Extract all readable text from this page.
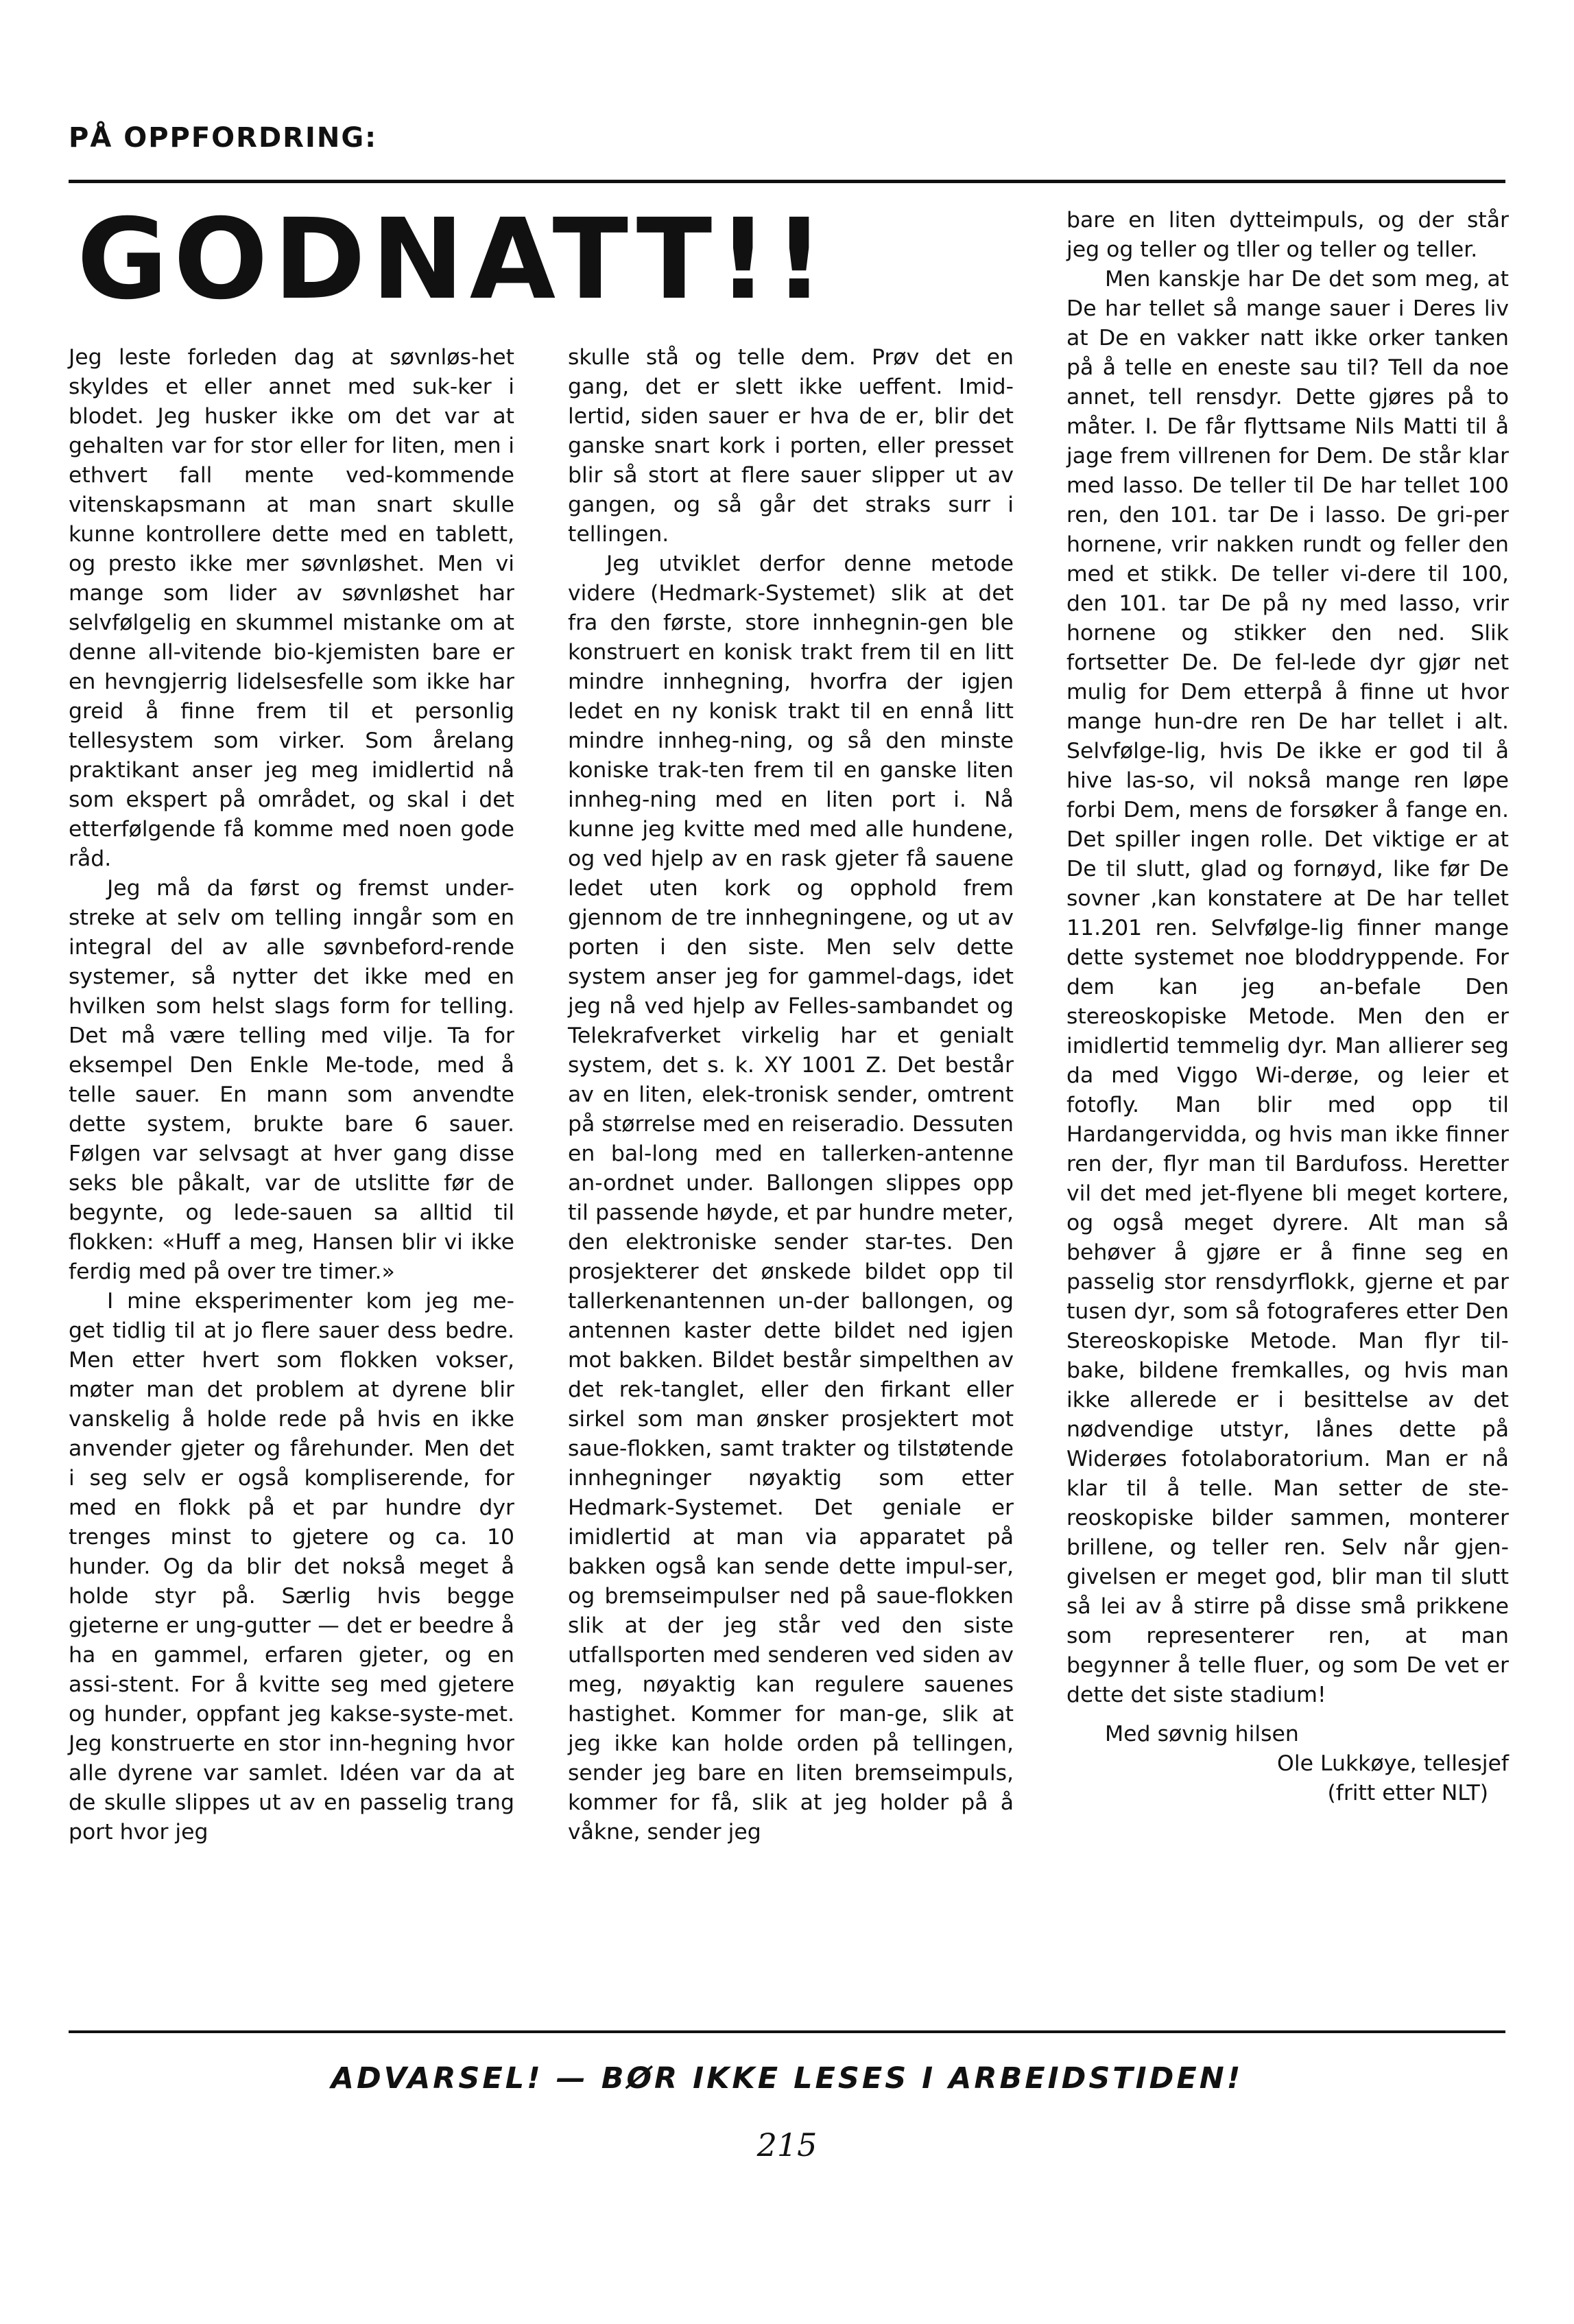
PÅ OPPFORDRING:
GODNATT!!

Jeg leste forleden dag at søvnløs-het skyldes et eller annet med suk-ker i blodet. Jeg husker ikke om det var at gehalten var for stor eller for liten, men i ethvert fall mente ved-kommende vitenskapsmann at man snart skulle kunne kontrollere dette med en tablett, og presto ikke mer søvnløshet. Men vi mange som lider av søvnløshet har selvfølgelig en skummel mistanke om at denne all-vitende bio-kjemisten bare er en hevngjerrig lidelsesfelle som ikke har greid å finne frem til et personlig tellesystem som virker. Som årelang praktikant anser jeg meg imidlertid nå som ekspert på området, og skal i det etterfølgende få komme med noen gode råd.

Jeg må da først og fremst under-streke at selv om telling inngår som en integral del av alle søvnbeford-rende systemer, så nytter det ikke med en hvilken som helst slags form for telling. Det må være telling med vilje. Ta for eksempel Den Enkle Me-tode, med å telle sauer. En mann som anvendte dette system, brukte bare 6 sauer. Følgen var selvsagt at hver gang disse seks ble påkalt, var de utslitte før de begynte, og lede-sauen sa alltid til flokken: «Huff a meg, Hansen blir vi ikke ferdig med på over tre timer.»

I mine eksperimenter kom jeg me-get tidlig til at jo flere sauer dess bedre. Men etter hvert som flokken vokser, møter man det problem at dyrene blir vanskelig å holde rede på hvis en ikke anvender gjeter og fårehunder. Men det i seg selv er også kompliserende, for med en flokk på et par hundre dyr trenges minst to gjetere og ca. 10 hunder. Og da blir det nokså meget å holde styr på. Særlig hvis begge gjeterne er ung-gutter — det er beedre å ha en gammel, erfaren gjeter, og en assi-stent. For å kvitte seg med gjetere og hunder, oppfant jeg kakse-syste-met. Jeg konstruerte en stor inn-hegning hvor alle dyrene var samlet. Idéen var da at de skulle slippes ut av en passelig trang port hvor jeg

skulle stå og telle dem. Prøv det en gang, det er slett ikke ueffent. Imid-lertid, siden sauer er hva de er, blir det ganske snart kork i porten, eller presset blir så stort at flere sauer slipper ut av gangen, og så går det straks surr i tellingen.

Jeg utviklet derfor denne metode videre (Hedmark-Systemet) slik at det fra den første, store innhegnin-gen ble konstruert en konisk trakt frem til en litt mindre innhegning, hvorfra der igjen ledet en ny konisk trakt til en ennå litt mindre innheg-ning, og så den minste koniske trak-ten frem til en ganske liten innheg-ning med en liten port i. Nå kunne jeg kvitte med med alle hundene, og ved hjelp av en rask gjeter få sauene ledet uten kork og opphold frem gjennom de tre innhegningene, og ut av porten i den siste. Men selv dette system anser jeg for gammel-dags, idet jeg nå ved hjelp av Felles-sambandet og Telekrafverket virkelig har et genialt system, det s. k. XY 1001 Z. Det består av en liten, elek-tronisk sender, omtrent på størrelse med en reiseradio. Dessuten en bal-long med en tallerken-antenne an-ordnet under. Ballongen slippes opp til passende høyde, et par hundre meter, den elektroniske sender star-tes. Den prosjekterer det ønskede bildet opp til tallerkenantennen un-der ballongen, og antennen kaster dette bildet ned igjen mot bakken. Bildet består simpelthen av det rek-tanglet, eller den firkant eller sirkel som man ønsker prosjektert mot saue-flokken, samt trakter og tilstøtende innhegninger nøyaktig som etter Hedmark-Systemet. Det geniale er imidlertid at man via apparatet på bakken også kan sende dette impul-ser, og bremseimpulser ned på saue-flokken slik at der jeg står ved den siste utfallsporten med senderen ved siden av meg, nøyaktig kan regulere sauenes hastighet. Kommer for man-ge, slik at jeg ikke kan holde orden på tellingen, sender jeg bare en liten bremseimpuls, kommer for få, slik at jeg holder på å våkne, sender jeg

bare en liten dytteimpuls, og der står jeg og teller og tller og teller og teller.

Men kanskje har De det som meg, at De har tellet så mange sauer i Deres liv at De en vakker natt ikke orker tanken på å telle en eneste sau til? Tell da noe annet, tell rensdyr. Dette gjøres på to måter. I. De får flyttsame Nils Matti til å jage frem villrenen for Dem. De står klar med lasso. De teller til De har tellet 100 ren, den 101. tar De i lasso. De gri-per hornene, vrir nakken rundt og feller den med et stikk. De teller vi-dere til 100, den 101. tar De på ny med lasso, vrir hornene og stikker den ned. Slik fortsetter De. De fel-lede dyr gjør net mulig for Dem etterpå å finne ut hvor mange hun-dre ren De har tellet i alt. Selvfølge-lig, hvis De ikke er god til å hive las-so, vil nokså mange ren løpe forbi Dem, mens de forsøker å fange en. Det spiller ingen rolle. Det viktige er at De til slutt, glad og fornøyd, like før De sovner ,kan konstatere at De har tellet 11.201 ren. Selvfølge-lig finner mange dette systemet noe bloddryppende. For dem kan jeg an-befale Den stereoskopiske Metode. Men den er imidlertid temmelig dyr. Man allierer seg da med Viggo Wi-derøe, og leier et fotofly. Man blir med opp til Hardangervidda, og hvis man ikke finner ren der, flyr man til Bardufoss. Heretter vil det med jet-flyene bli meget kortere, og også meget dyrere. Alt man så behøver å gjøre er å finne seg en passelig stor rensdyrflokk, gjerne et par tusen dyr, som så fotograferes etter Den Stereoskopiske Metode. Man flyr til-bake, bildene fremkalles, og hvis man ikke allerede er i besittelse av det nødvendige utstyr, lånes dette på Widerøes fotolaboratorium. Man er nå klar til å telle. Man setter de ste-reoskopiske bilder sammen, monterer brillene, og teller ren. Selv når gjen-givelsen er meget god, blir man til slutt så lei av å stirre på disse små prikkene som representerer ren, at man begynner å telle fluer, og som De vet er dette det siste stadium!

Med søvnig hilsen
Ole Lukkøye, tellesjef
(fritt etter NLT)
ADVARSEL! — BØR IKKE LESES I ARBEIDSTIDEN!
215
